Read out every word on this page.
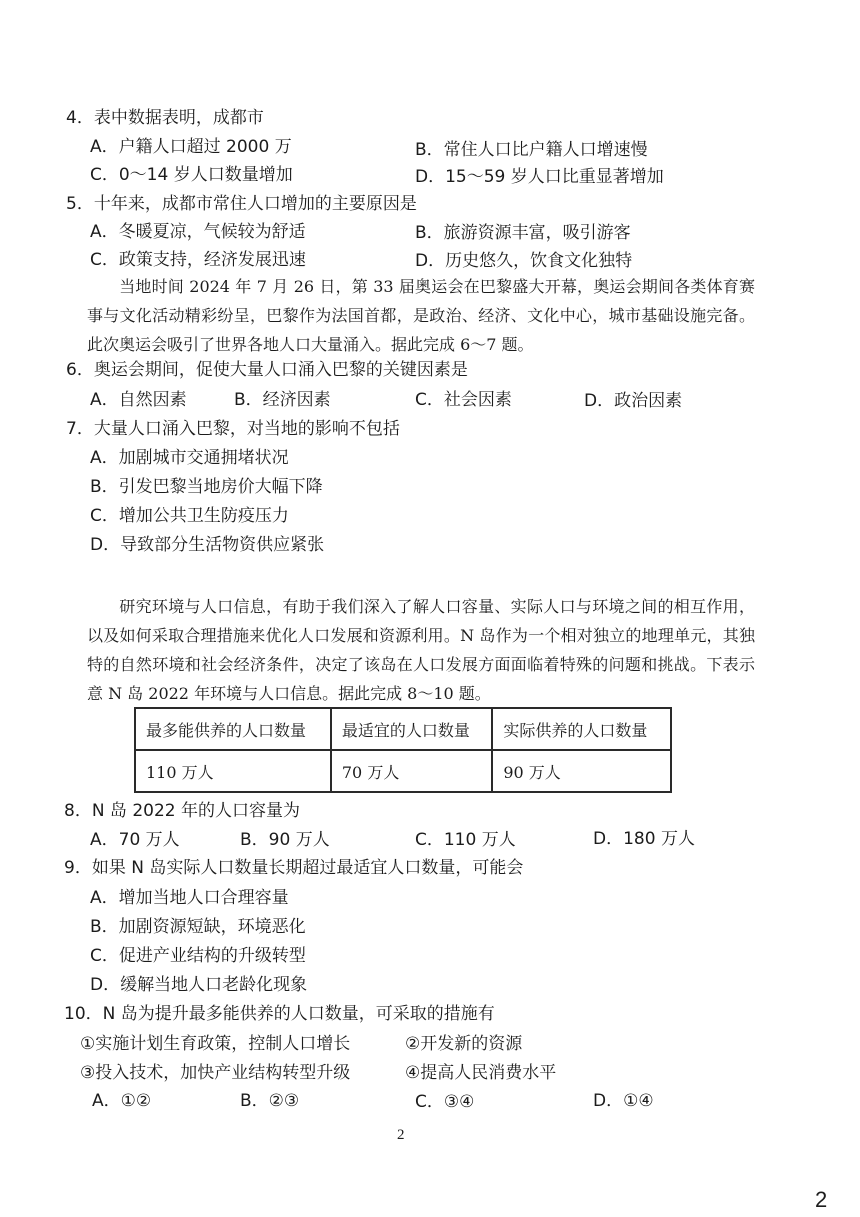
4．表中数据表明，成都市
A．户籍人口超过 2000 万	B．常住人口比户籍人口增速慢
C．0～14 岁人口数量增加	D．15～59 岁人口比重显著增加
5．十年来，成都市常住人口增加的主要原因是
A．冬暖夏凉，气候较为舒适	B．旅游资源丰富，吸引游客
C．政策支持，经济发展迅速	D．历史悠久，饮食文化独特
当地时间 2024 年 7 月 26 日，第 33 届奥运会在巴黎盛大开幕，奥运会期间各类体育赛事与文化活动精彩纷呈，巴黎作为法国首都，是政治、经济、文化中心，城市基础设施完备。此次奥运会吸引了世界各地人口大量涌入。据此完成 6～7 题。
6．奥运会期间，促使大量人口涌入巴黎的关键因素是
A．自然因素	B．经济因素	C．社会因素	D．政治因素
7．大量人口涌入巴黎，对当地的影响不包括
A．加剧城市交通拥堵状况
B．引发巴黎当地房价大幅下降
C．增加公共卫生防疫压力
D．导致部分生活物资供应紧张
研究环境与人口信息，有助于我们深入了解人口容量、实际人口与环境之间的相互作用，以及如何采取合理措施来优化人口发展和资源利用。N 岛作为一个相对独立的地理单元，其独特的自然环境和社会经济条件，决定了该岛在人口发展方面面临着特殊的问题和挑战。下表示意 N 岛 2022 年环境与人口信息。据此完成 8～10 题。
最多能供养的人口数量	最适宜的人口数量	实际供养的人口数量
110 万人	70 万人	90 万人
8．N 岛 2022 年的人口容量为
A．70 万人	B．90 万人	C．110 万人	D．180 万人
9．如果 N 岛实际人口数量长期超过最适宜人口数量，可能会
A．增加当地人口合理容量
B．加剧资源短缺，环境恶化
C．促进产业结构的升级转型
D．缓解当地人口老龄化现象
10．N 岛为提升最多能供养的人口数量，可采取的措施有
①实施计划生育政策，控制人口增长	②开发新的资源
③投入技术，加快产业结构转型升级	④提高人民消费水平
A．①②	B．②③	C．③④	D．①④
2
2
